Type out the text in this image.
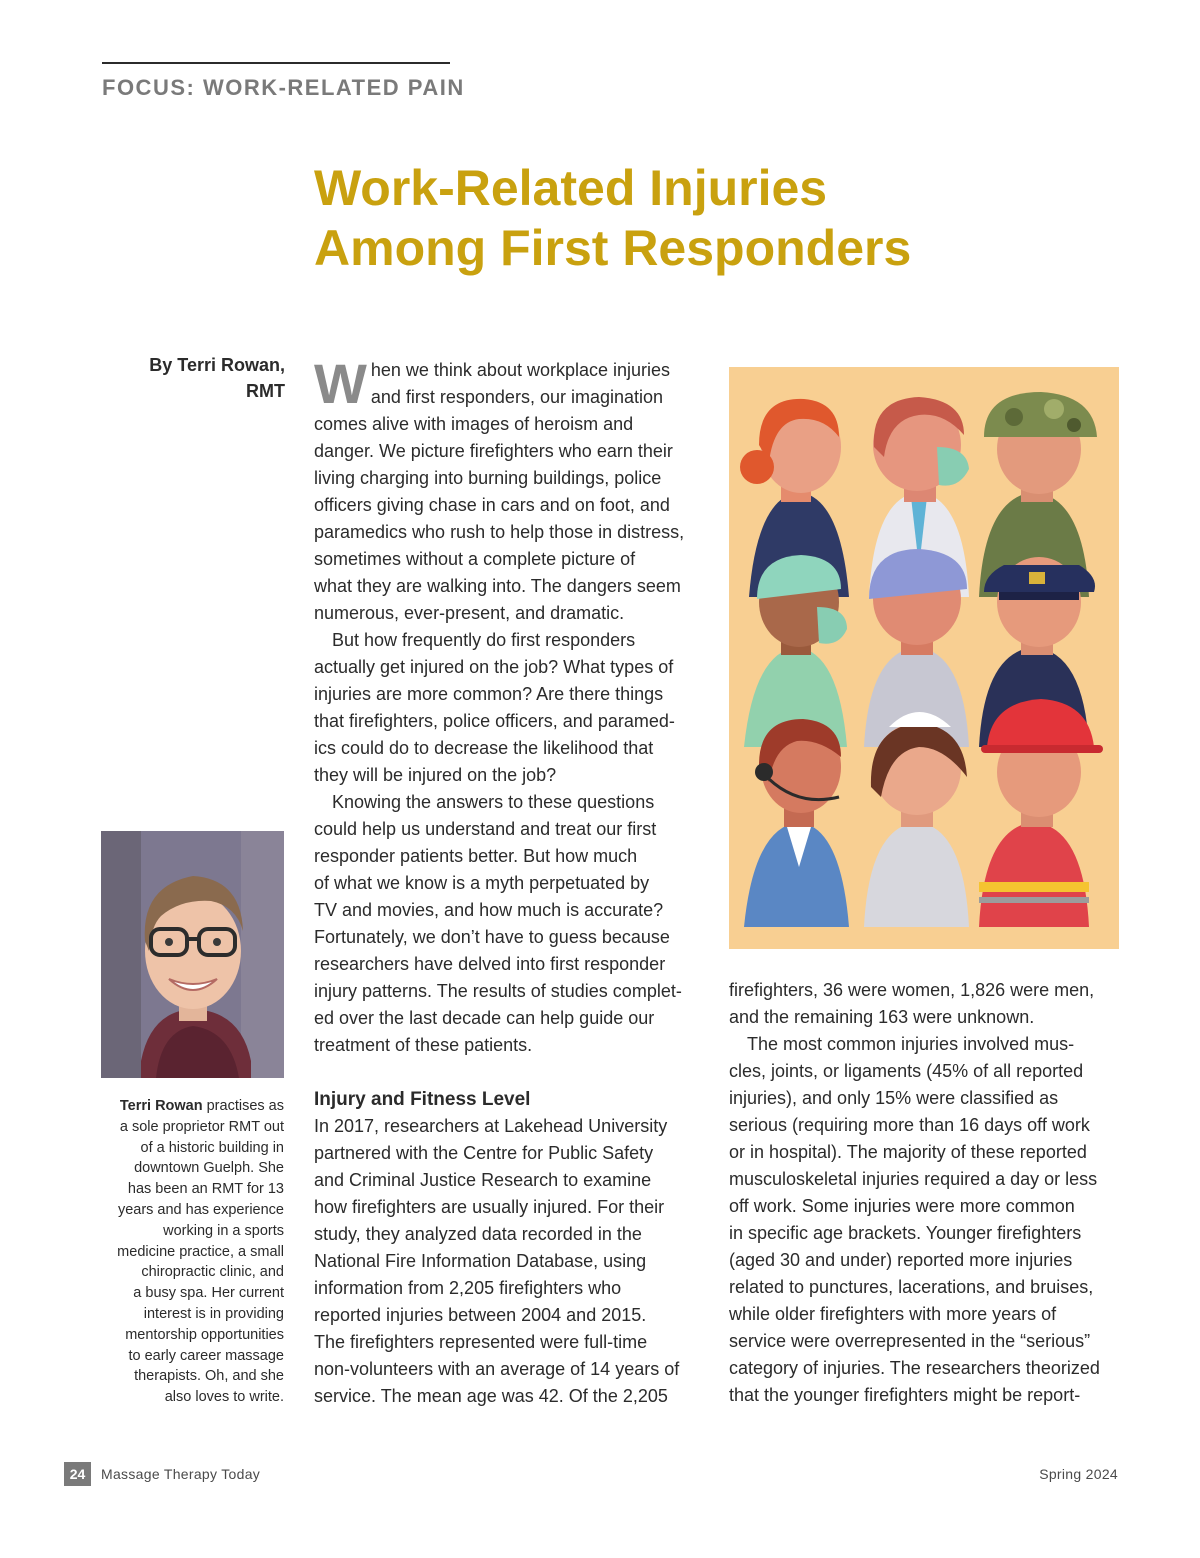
FOCUS: WORK-RELATED PAIN
Work-Related Injuries
Among First Responders
By Terri Rowan,
RMT
Terri Rowan practises as
a sole proprietor RMT out
of a historic building in
downtown Guelph. She
has been an RMT for 13
years and has experience
working in a sports
medicine practice, a small
chiropractic clinic, and
a busy spa. Her current
interest is in providing
mentorship opportunities
to early career massage
therapists. Oh, and she
also loves to write.
W hen we think about workplace injuries

and first responders, our imagination

comes alive with images of heroism and

danger. We picture firefighters who earn their

living charging into burning buildings, police

officers giving chase in cars and on foot, and

paramedics who rush to help those in distress,

sometimes without a complete picture of

what they are walking into. The dangers seem

numerous, ever-present, and dramatic.

But how frequently do first responders

actually get injured on the job? What types of

injuries are more common? Are there things

that firefighters, police officers, and paramed-

ics could do to decrease the likelihood that

they will be injured on the job?

Knowing the answers to these questions

could help us understand and treat our first

responder patients better. But how much

of what we know is a myth perpetuated by

TV and movies, and how much is accurate?

Fortunately, we don’t have to guess because

researchers have delved into first responder

injury patterns. The results of studies complet-

ed over the last decade can help guide our

treatment of these patients.

Injury and Fitness Level

In 2017, researchers at Lakehead University

partnered with the Centre for Public Safety

and Criminal Justice Research to examine

how firefighters are usually injured. For their

study, they analyzed data recorded in the

National Fire Information Database, using

information from 2,205 firefighters who

reported injuries between 2004 and 2015.

The firefighters represented were full-time

non-volunteers with an average of 14 years of

service. The mean age was 42. Of the 2,205

firefighters, 36 were women, 1,826 were men,

and the remaining 163 were unknown.

The most common injuries involved mus-

cles, joints, or ligaments (45% of all reported

injuries), and only 15% were classified as

serious (requiring more than 16 days off work

or in hospital). The majority of these reported

musculoskeletal injuries required a day or less

off work. Some injuries were more common

in specific age brackets. Younger firefighters

(aged 30 and under) reported more injuries

related to punctures, lacerations, and bruises,

while older firefighters with more years of

service were overrepresented in the “serious”

category of injuries. The researchers theorized

that the younger firefighters might be report-

24	Massage Therapy Today	Spring 2024
